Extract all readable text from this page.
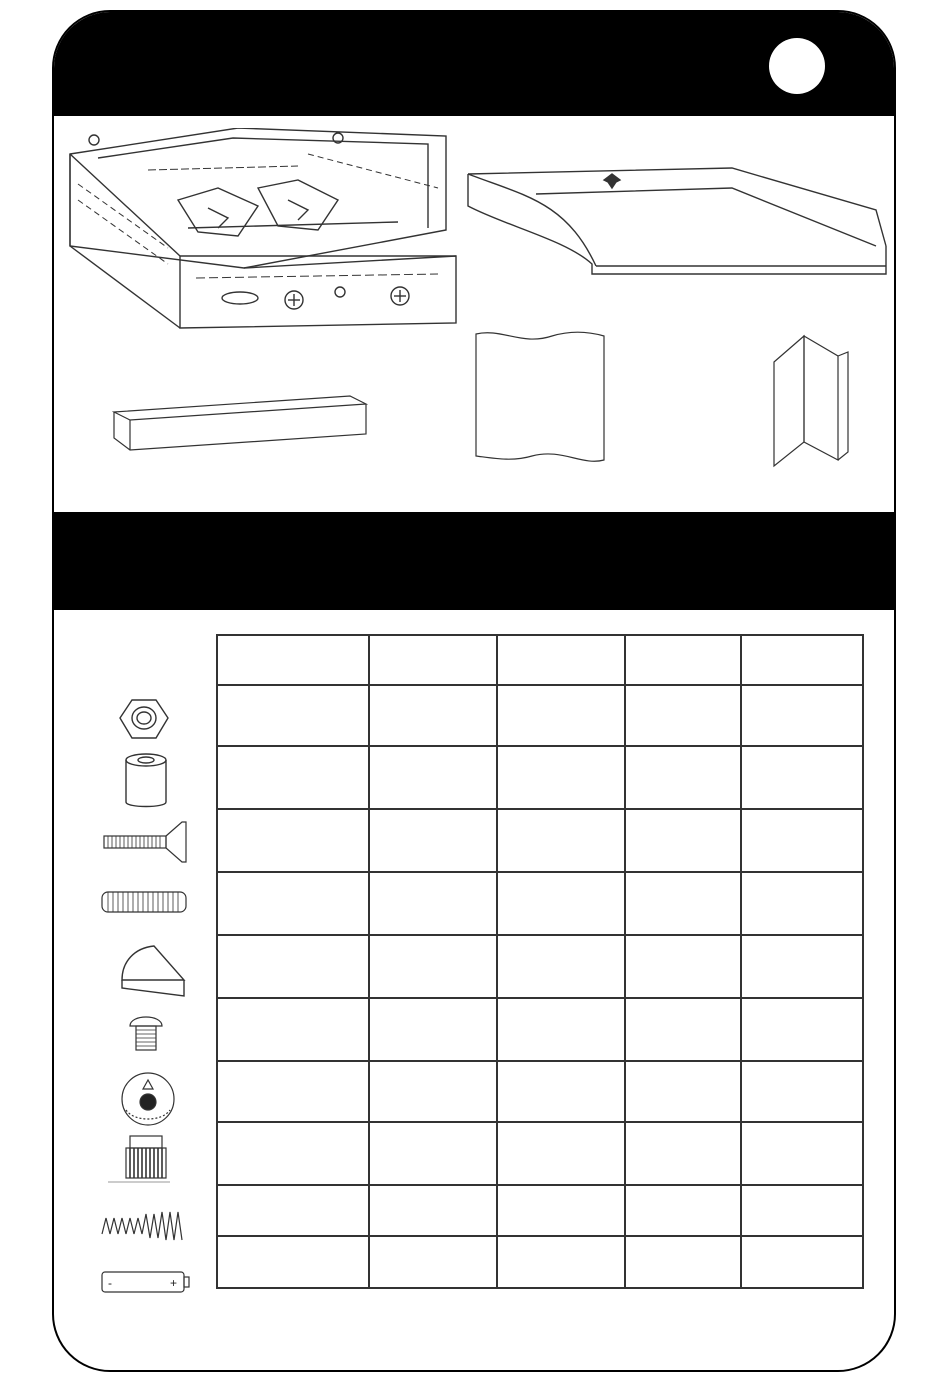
-	+
